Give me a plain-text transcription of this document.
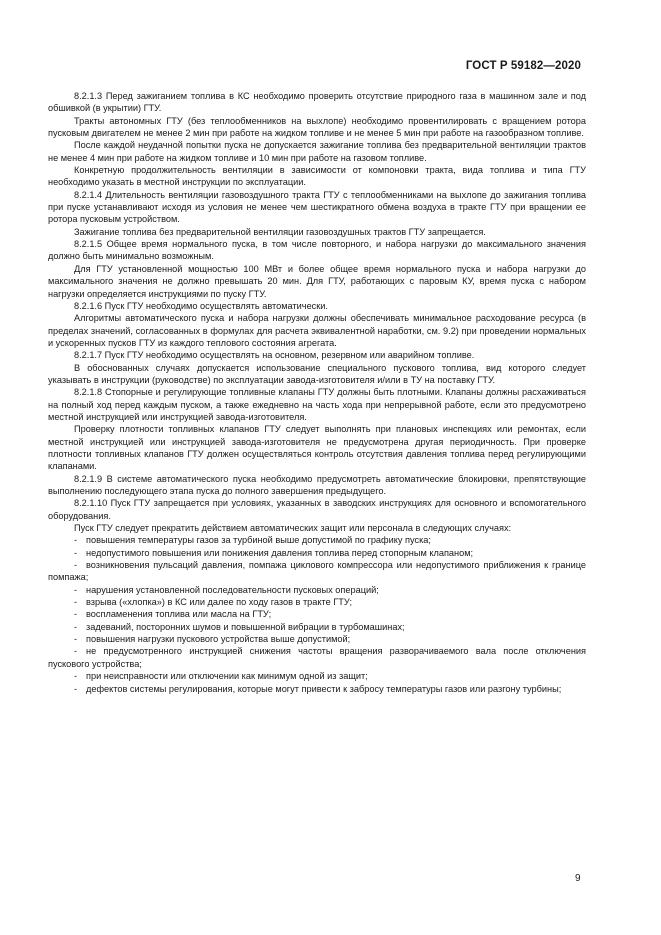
ГОСТ Р 59182—2020

8.2.1.3 Перед зажиганием топлива в КС необходимо проверить отсутствие природного газа в машинном зале и под обшивкой (в укрытии) ГТУ.

Тракты автономных ГТУ (без теплообменников на выхлопе) необходимо провентилировать с вращением ротора пусковым двигателем не менее 2 мин при работе на жидком топливе и не менее 5 мин при работе на газообразном топливе.

После каждой неудачной попытки пуска не допускается зажигание топлива без предварительной вентиляции трактов не менее 4 мин при работе на жидком топливе и 10 мин при работе на газовом топливе.

Конкретную продолжительность вентиляции в зависимости от компоновки тракта, вида топлива и типа ГТУ необходимо указать в местной инструкции по эксплуатации.

8.2.1.4 Длительность вентиляции газовоздушного тракта ГТУ с теплообменниками на выхлопе до зажигания топлива при пуске устанавливают исходя из условия не менее чем шестикратного обмена воздуха в тракте ГТУ при вращении ее ротора пусковым устройством.

Зажигание топлива без предварительной вентиляции газовоздушных трактов ГТУ запрещается.

8.2.1.5 Общее время нормального пуска, в том числе повторного, и набора нагрузки до максимального значения должно быть минимально возможным.

Для ГТУ установленной мощностью 100 МВт и более общее время нормального пуска и набора нагрузки до максимального значения не должно превышать 20 мин. Для ГТУ, работающих с паровым КУ, время пуска с набором нагрузки определяется инструкциями по пуску ГТУ.

8.2.1.6 Пуск ГТУ необходимо осуществлять автоматически.

Алгоритмы автоматического пуска и набора нагрузки должны обеспечивать минимальное расходование ресурса (в пределах значений, согласованных в формулах для расчета эквивалентной наработки, см. 9.2) при проведении нормальных и ускоренных пусков ГТУ из каждого теплового состояния агрегата.

8.2.1.7 Пуск ГТУ необходимо осуществлять на основном, резервном или аварийном топливе.

В обоснованных случаях допускается использование специального пускового топлива, вид которого следует указывать в инструкции (руководстве) по эксплуатации завода-изготовителя и/или в ТУ на поставку ГТУ.

8.2.1.8 Стопорные и регулирующие топливные клапаны ГТУ должны быть плотными. Клапаны должны расхаживаться на полный ход перед каждым пуском, а также ежедневно на часть хода при непрерывной работе, если это предусмотрено местной инструкцией или инструкцией завода-изготовителя.

Проверку плотности топливных клапанов ГТУ следует выполнять при плановых инспекциях или ремонтах, если местной инструкцией или инструкцией завода-изготовителя не предусмотрена другая периодичность. При проверке плотности топливных клапанов ГТУ должен осуществляться контроль отсутствия давления топлива перед регулирующими клапанами.

8.2.1.9 В системе автоматического пуска необходимо предусмотреть автоматические блокировки, препятствующие выполнению последующего этапа пуска до полного завершения предыдущего.

8.2.1.10 Пуск ГТУ запрещается при условиях, указанных в заводских инструкциях для основного и вспомогательного оборудования.

Пуск ГТУ следует прекратить действием автоматических защит или персонала в следующих случаях:

- повышения температуры газов за турбиной выше допустимой по графику пуска;
- недопустимого повышения или понижения давления топлива перед стопорным клапаном;
- возникновения пульсаций давления, помпажа циклового компрессора или недопустимого приближения к границе помпажа;
- нарушения установленной последовательности пусковых операций;
- взрыва («хлопка») в КС или далее по ходу газов в тракте ГТУ;
- воспламенения топлива или масла на ГТУ;
- задеваний, посторонних шумов и повышенной вибрации в турбомашинах;
- повышения нагрузки пускового устройства выше допустимой;
- не предусмотренного инструкцией снижения частоты вращения разворачиваемого вала после отключения пускового устройства;
- при неисправности или отключении как минимум одной из защит;
- дефектов системы регулирования, которые могут привести к забросу температуры газов или разгону турбины;
9
